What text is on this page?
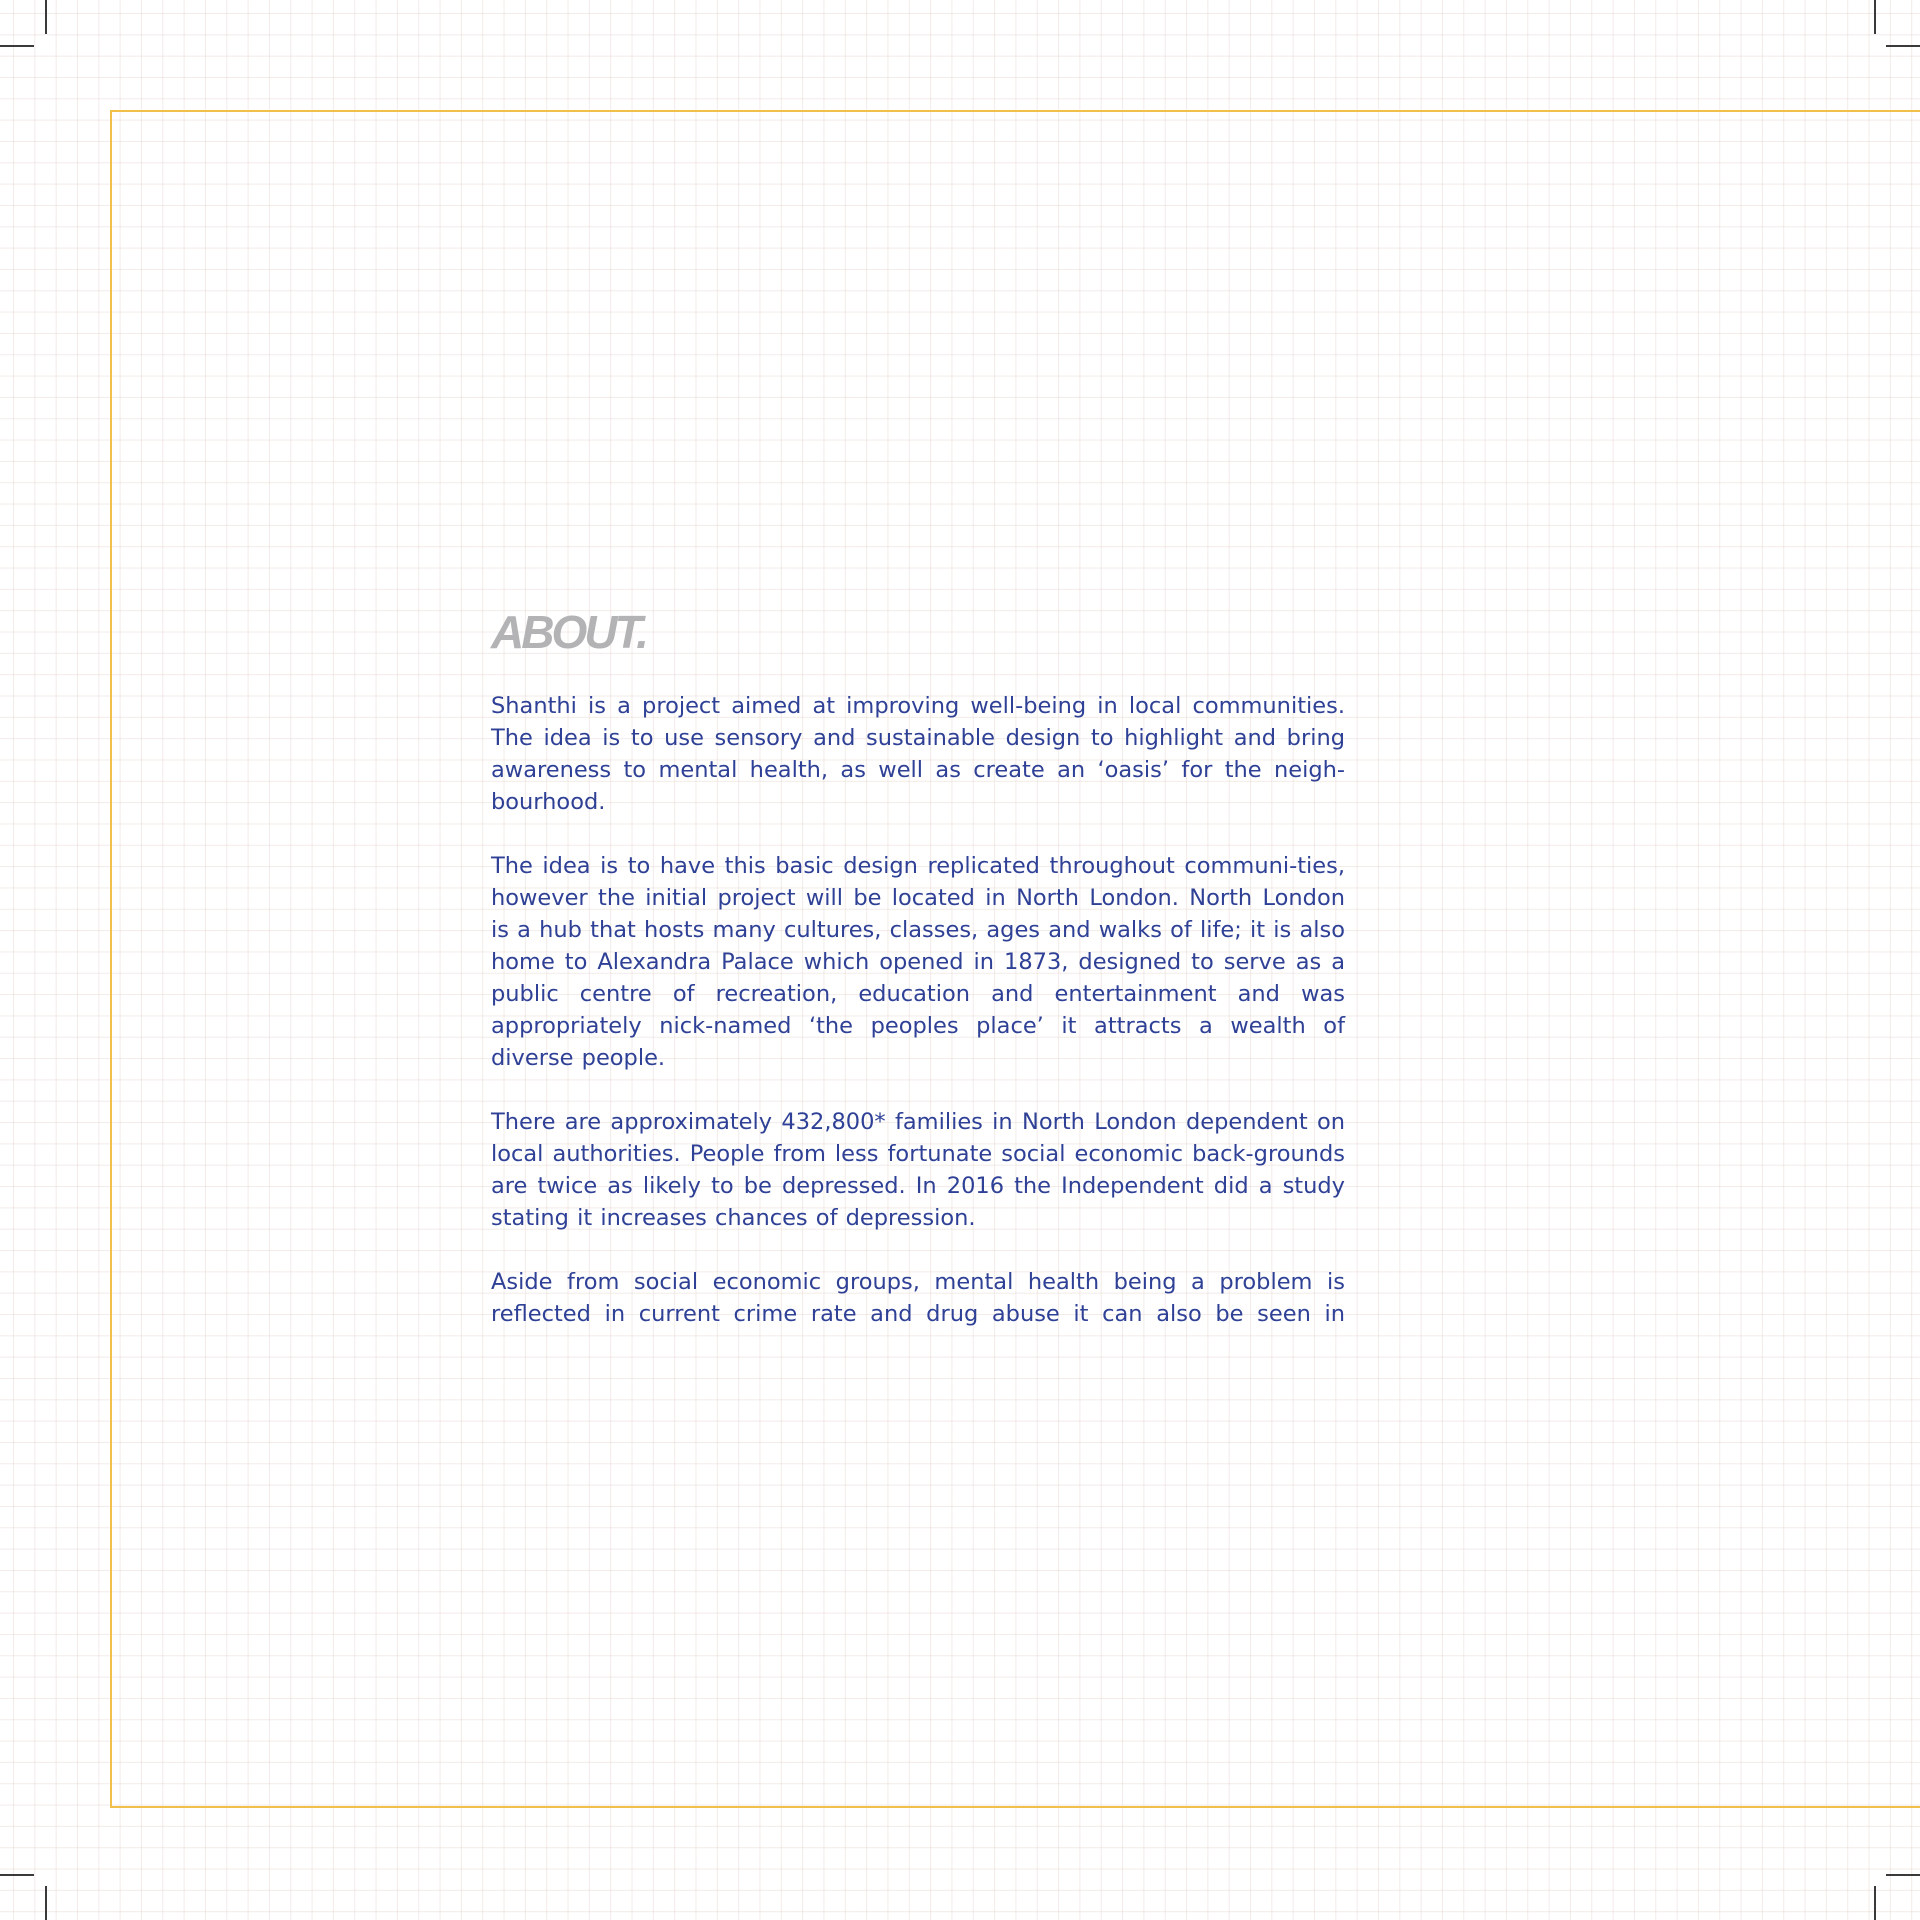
ABOUT.

Shanthi is a project aimed at improving well-being in local communities. The idea is to use sensory and sustainable design to highlight and bring awareness to mental health, as well as create an ‘oasis’ for the neigh-bourhood.

The idea is to have this basic design replicated throughout communi-ties, however the initial project will be located in North London. North London is a hub that hosts many cultures, classes, ages and walks of life; it is also home to Alexandra Palace which opened in 1873, designed to serve as a public centre of recreation, education and entertainment and was appropriately nick-named ‘the peoples place’ it attracts a wealth of diverse people.

There are approximately 432,800* families in North London dependent on local authorities. People from less fortunate social economic back-grounds are twice as likely to be depressed. In 2016 the Independent did a study stating it increases chances of depression.

Aside from social economic groups, mental health being a problem is reflected in current crime rate and drug abuse it can also be seen in
